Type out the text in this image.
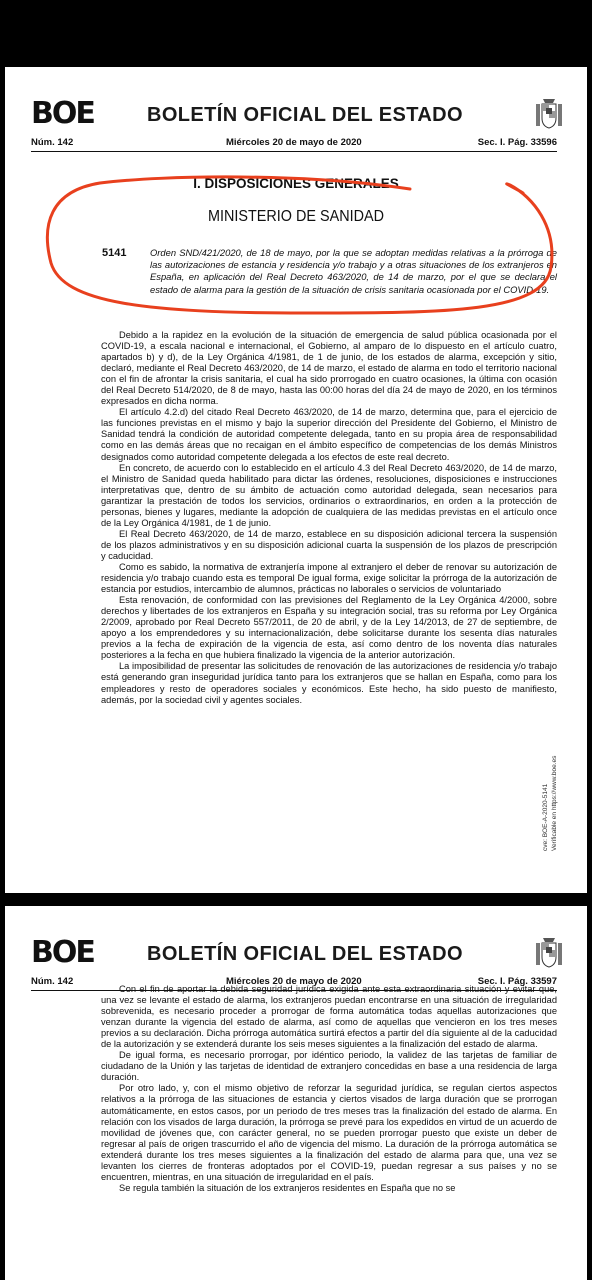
BOE	BOLETÍN OFICIAL DEL ESTADO
Núm. 142	Miércoles 20 de mayo de 2020	Sec. I. Pág. 33596
I. DISPOSICIONES GENERALES
MINISTERIO DE SANIDAD
5141	Orden SND/421/2020, de 18 de mayo, por la que se adoptan medidas relativas a la prórroga de las autorizaciones de estancia y residencia y/o trabajo y a otras situaciones de los extranjeros en España, en aplicación del Real Decreto 463/2020, de 14 de marzo, por el que se declara el estado de alarma para la gestión de la situación de crisis sanitaria ocasionada por el COVID-19.

Debido a la rapidez en la evolución de la situación de emergencia de salud pública ocasionada por el COVID-19, a escala nacional e internacional, el Gobierno, al amparo de lo dispuesto en el artículo cuatro, apartados b) y d), de la Ley Orgánica 4/1981, de 1 de junio, de los estados de alarma, excepción y sitio, declaró, mediante el Real Decreto 463/2020, de 14 de marzo, el estado de alarma en todo el territorio nacional con el fin de afrontar la crisis sanitaria, el cual ha sido prorrogado en cuatro ocasiones, la última con ocasión del Real Decreto 514/2020, de 8 de mayo, hasta las 00:00 horas del día 24 de mayo de 2020, en los términos expresados en dicha norma.

El artículo 4.2.d) del citado Real Decreto 463/2020, de 14 de marzo, determina que, para el ejercicio de las funciones previstas en el mismo y bajo la superior dirección del Presidente del Gobierno, el Ministro de Sanidad tendrá la condición de autoridad competente delegada, tanto en su propia área de responsabilidad como en las demás áreas que no recaigan en el ámbito específico de competencias de los demás Ministros designados como autoridad competente delegada a los efectos de este real decreto.

En concreto, de acuerdo con lo establecido en el artículo 4.3 del Real Decreto 463/2020, de 14 de marzo, el Ministro de Sanidad queda habilitado para dictar las órdenes, resoluciones, disposiciones e instrucciones interpretativas que, dentro de su ámbito de actuación como autoridad delegada, sean necesarios para garantizar la prestación de todos los servicios, ordinarios o extraordinarios, en orden a la protección de personas, bienes y lugares, mediante la adopción de cualquiera de las medidas previstas en el artículo once de la Ley Orgánica 4/1981, de 1 de junio.

El Real Decreto 463/2020, de 14 de marzo, establece en su disposición adicional tercera la suspensión de los plazos administrativos y en su disposición adicional cuarta la suspensión de los plazos de prescripción y caducidad.

Como es sabido, la normativa de extranjería impone al extranjero el deber de renovar su autorización de residencia y/o trabajo cuando esta es temporal De igual forma, exige solicitar la prórroga de la autorización de estancia por estudios, intercambio de alumnos, prácticas no laborales o servicios de voluntariado

Esta renovación, de conformidad con las previsiones del Reglamento de la Ley Orgánica 4/2000, sobre derechos y libertades de los extranjeros en España y su integración social, tras su reforma por Ley Orgánica 2/2009, aprobado por Real Decreto 557/2011, de 20 de abril, y de la Ley 14/2013, de 27 de septiembre, de apoyo a los emprendedores y su internacionalización, debe solicitarse durante los sesenta días naturales previos a la fecha de expiración de la vigencia de esta, así como dentro de los noventa días naturales posteriores a la fecha en que hubiera finalizado la vigencia de la anterior autorización.

La imposibilidad de presentar las solicitudes de renovación de las autorizaciones de residencia y/o trabajo está generando gran inseguridad jurídica tanto para los extranjeros que se hallan en España, como para los empleadores y resto de operadores sociales y económicos. Este hecho, ha sido puesto de manifiesto, además, por la sociedad civil y agentes sociales.

cve: BOE-A-2020-5141 Verificable en https://www.boe.es
BOE	BOLETÍN OFICIAL DEL ESTADO
Núm. 142	Miércoles 20 de mayo de 2020	Sec. I. Pág. 33597

Con el fin de aportar la debida seguridad jurídica exigida ante esta extraordinaria situación y evitar que, una vez se levante el estado de alarma, los extranjeros puedan encontrarse en una situación de irregularidad sobrevenida, es necesario proceder a prorrogar de forma automática todas aquellas autorizaciones que venzan durante la vigencia del estado de alarma, así como de aquellas que vencieron en los tres meses previos a su declaración. Dicha prórroga automática surtirá efectos a partir del día siguiente al de la caducidad de la autorización y se extenderá durante los seis meses siguientes a la finalización del estado de alarma.

De igual forma, es necesario prorrogar, por idéntico periodo, la validez de las tarjetas de familiar de ciudadano de la Unión y las tarjetas de identidad de extranjero concedidas en base a una residencia de larga duración.

Por otro lado, y, con el mismo objetivo de reforzar la seguridad jurídica, se regulan ciertos aspectos relativos a la prórroga de las situaciones de estancia y ciertos visados de larga duración que se prorrogan automáticamente, en estos casos, por un periodo de tres meses tras la finalización del estado de alarma. En relación con los visados de larga duración, la prórroga se prevé para los expedidos en virtud de un acuerdo de movilidad de jóvenes que, con carácter general, no se pueden prorrogar puesto que existe un deber de regresar al país de origen trascurrido el año de vigencia del mismo. La duración de la prórroga automática se extenderá durante los tres meses siguientes a la finalización del estado de alarma para que, una vez se levanten los cierres de fronteras adoptados por el COVID-19, puedan regresar a sus países y no se encuentren, mientras, en una situación de irregularidad en el país.

Se regula también la situación de los extranjeros residentes en España que no se
